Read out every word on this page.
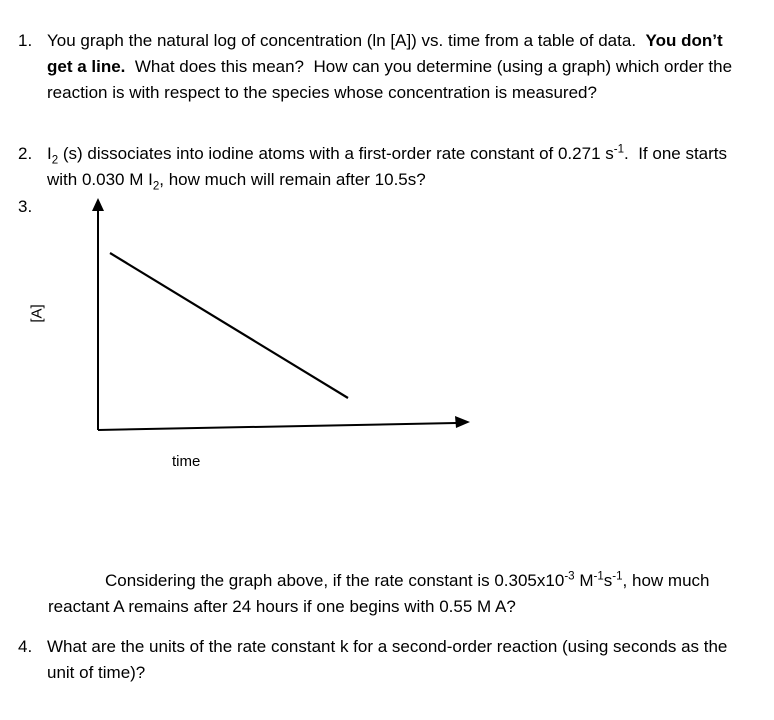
1. You graph the natural log of concentration (ln [A]) vs. time from a table of data.  You don’t get a line.  What does this mean?  How can you determine (using a graph) which order the reaction is with respect to the species whose concentration is measured?

2. $I_2$ (s) dissociates into iodine atoms with a first-order rate constant of 0.271 $s^{-1}$.  If one starts with 0.030 M $I_2$, how much will remain after 10.5s?

3.
[A]
time

Considering the graph above, if the rate constant is $0.305x10^{-3}$ $M^{-1}s^{-1}$, how much reactant A remains after 24 hours if one begins with 0.55 M A?

4. What are the units of the rate constant k for a second-order reaction (using seconds as the unit of time)?
